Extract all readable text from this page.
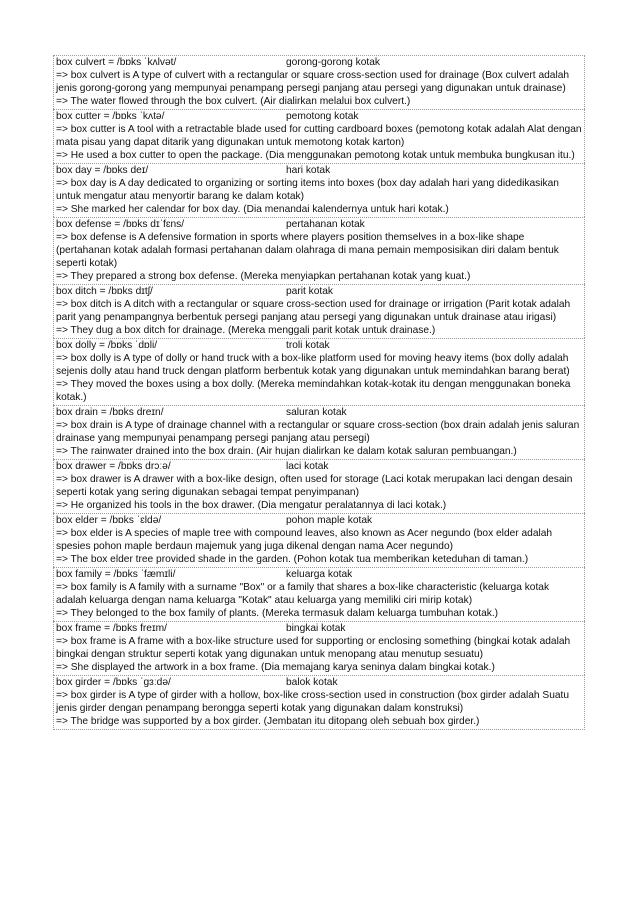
box culvert = /bɒks ˈkʌlvət/	gorong-gorong kotak

=> box culvert is A type of culvert with a rectangular or square cross-section used for drainage (Box culvert adalah jenis gorong-gorong yang mempunyai penampang persegi panjang atau persegi yang digunakan untuk drainase)

=> The water flowed through the box culvert. (Air dialirkan melalui box culvert.)

box cutter = /bɒks ˈkʌtə/	pemotong kotak

=> box cutter is A tool with a retractable blade used for cutting cardboard boxes (pemotong kotak adalah Alat dengan mata pisau yang dapat ditarik yang digunakan untuk memotong kotak karton)

=> He used a box cutter to open the package. (Dia menggunakan pemotong kotak untuk membuka bungkusan itu.)

box day = /bɒks deɪ/	hari kotak

=> box day is A day dedicated to organizing or sorting items into boxes (box day adalah hari yang didedikasikan untuk mengatur atau menyortir barang ke dalam kotak)

=> She marked her calendar for box day. (Dia menandai kalendernya untuk hari kotak.)

box defense = /bɒks dɪˈfɛns/	pertahanan kotak

=> box defense is A defensive formation in sports where players position themselves in a box-like shape (pertahanan kotak adalah formasi pertahanan dalam olahraga di mana pemain memposisikan diri dalam bentuk seperti kotak)

=> They prepared a strong box defense. (Mereka menyiapkan pertahanan kotak yang kuat.)

box ditch = /bɒks dɪtʃ/	parit kotak

=> box ditch is A ditch with a rectangular or square cross-section used for drainage or irrigation (Parit kotak adalah parit yang penampangnya berbentuk persegi panjang atau persegi yang digunakan untuk drainase atau irigasi)

=> They dug a box ditch for drainage. (Mereka menggali parit kotak untuk drainase.)

box dolly = /bɒks ˈdɒli/	troli kotak

=> box dolly is A type of dolly or hand truck with a box-like platform used for moving heavy items (box dolly adalah sejenis dolly atau hand truck dengan platform berbentuk kotak yang digunakan untuk memindahkan barang berat)

=> They moved the boxes using a box dolly. (Mereka memindahkan kotak-kotak itu dengan menggunakan boneka kotak.)

box drain = /bɒks dreɪn/	saluran kotak

=> box drain is A type of drainage channel with a rectangular or square cross-section (box drain adalah jenis saluran drainase yang mempunyai penampang persegi panjang atau persegi)

=> The rainwater drained into the box drain. (Air hujan dialirkan ke dalam kotak saluran pembuangan.)

box drawer = /bɒks drɔːə/	laci kotak

=> box drawer is A drawer with a box-like design, often used for storage (Laci kotak merupakan laci dengan desain seperti kotak yang sering digunakan sebagai tempat penyimpanan)

=> He organized his tools in the box drawer. (Dia mengatur peralatannya di laci kotak.)

box elder = /bɒks ˈɛldə/	pohon maple kotak

=> box elder is A species of maple tree with compound leaves, also known as Acer negundo (box elder adalah spesies pohon maple berdaun majemuk yang juga dikenal dengan nama Acer negundo)

=> The box elder tree provided shade in the garden. (Pohon kotak tua memberikan keteduhan di taman.)

box family = /bɒks ˈfæmɪli/	keluarga kotak

=> box family is A family with a surname "Box" or a family that shares a box-like characteristic (keluarga kotak adalah keluarga dengan nama keluarga "Kotak" atau keluarga yang memiliki ciri mirip kotak)

=> They belonged to the box family of plants. (Mereka termasuk dalam keluarga tumbuhan kotak.)

box frame = /bɒks freɪm/	bingkai kotak

=> box frame is A frame with a box-like structure used for supporting or enclosing something (bingkai kotak adalah bingkai dengan struktur seperti kotak yang digunakan untuk menopang atau menutup sesuatu)

=> She displayed the artwork in a box frame. (Dia memajang karya seninya dalam bingkai kotak.)

box girder = /bɒks ˈɡɜːdə/	balok kotak

=> box girder is A type of girder with a hollow, box-like cross-section used in construction (box girder adalah Suatu jenis girder dengan penampang berongga seperti kotak yang digunakan dalam konstruksi)

=> The bridge was supported by a box girder. (Jembatan itu ditopang oleh sebuah box girder.)
